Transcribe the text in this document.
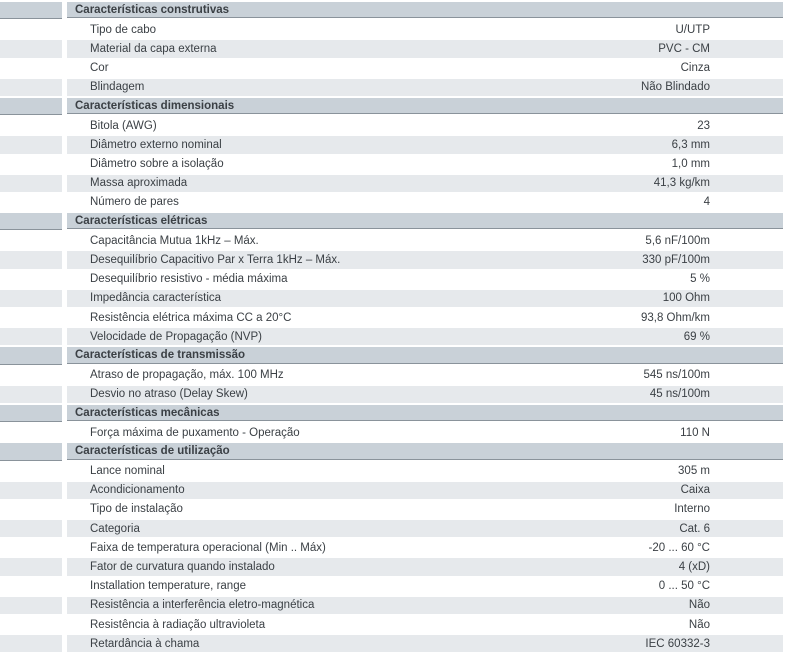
Características construtivas
Tipo de cabo	U/UTP
Material da capa externa	PVC - CM
Cor	Cinza
Blindagem	Não Blindado
Características dimensionais
Bitola (AWG)	23
Diâmetro externo nominal	6,3 mm
Diâmetro sobre a isolação	1,0 mm
Massa aproximada	41,3 kg/km
Número de pares	4
Características elétricas
Capacitância Mutua 1kHz – Máx.	5,6 nF/100m
Desequilíbrio Capacitivo Par x Terra 1kHz – Máx.	330 pF/100m
Desequilíbrio resistivo - média máxima	5 %
Impedância característica	100 Ohm
Resistência elétrica máxima CC a 20°C	93,8 Ohm/km
Velocidade de Propagação (NVP)	69 %
Características de transmissão
Atraso de propagação, máx. 100 MHz	545 ns/100m
Desvio no atraso (Delay Skew)	45 ns/100m
Características mecânicas
Força máxima de puxamento - Operação	110 N
Características de utilização
Lance nominal	305 m
Acondicionamento	Caixa
Tipo de instalação	Interno
Categoria	Cat. 6
Faixa de temperatura operacional (Min .. Máx)	-20 ... 60 °C
Fator de curvatura quando instalado	4 (xD)
Installation temperature, range	0 ... 50 °C
Resistência a interferência eletro-magnética	Não
Resistência à radiação ultravioleta	Não
Retardância à chama	IEC 60332-3
